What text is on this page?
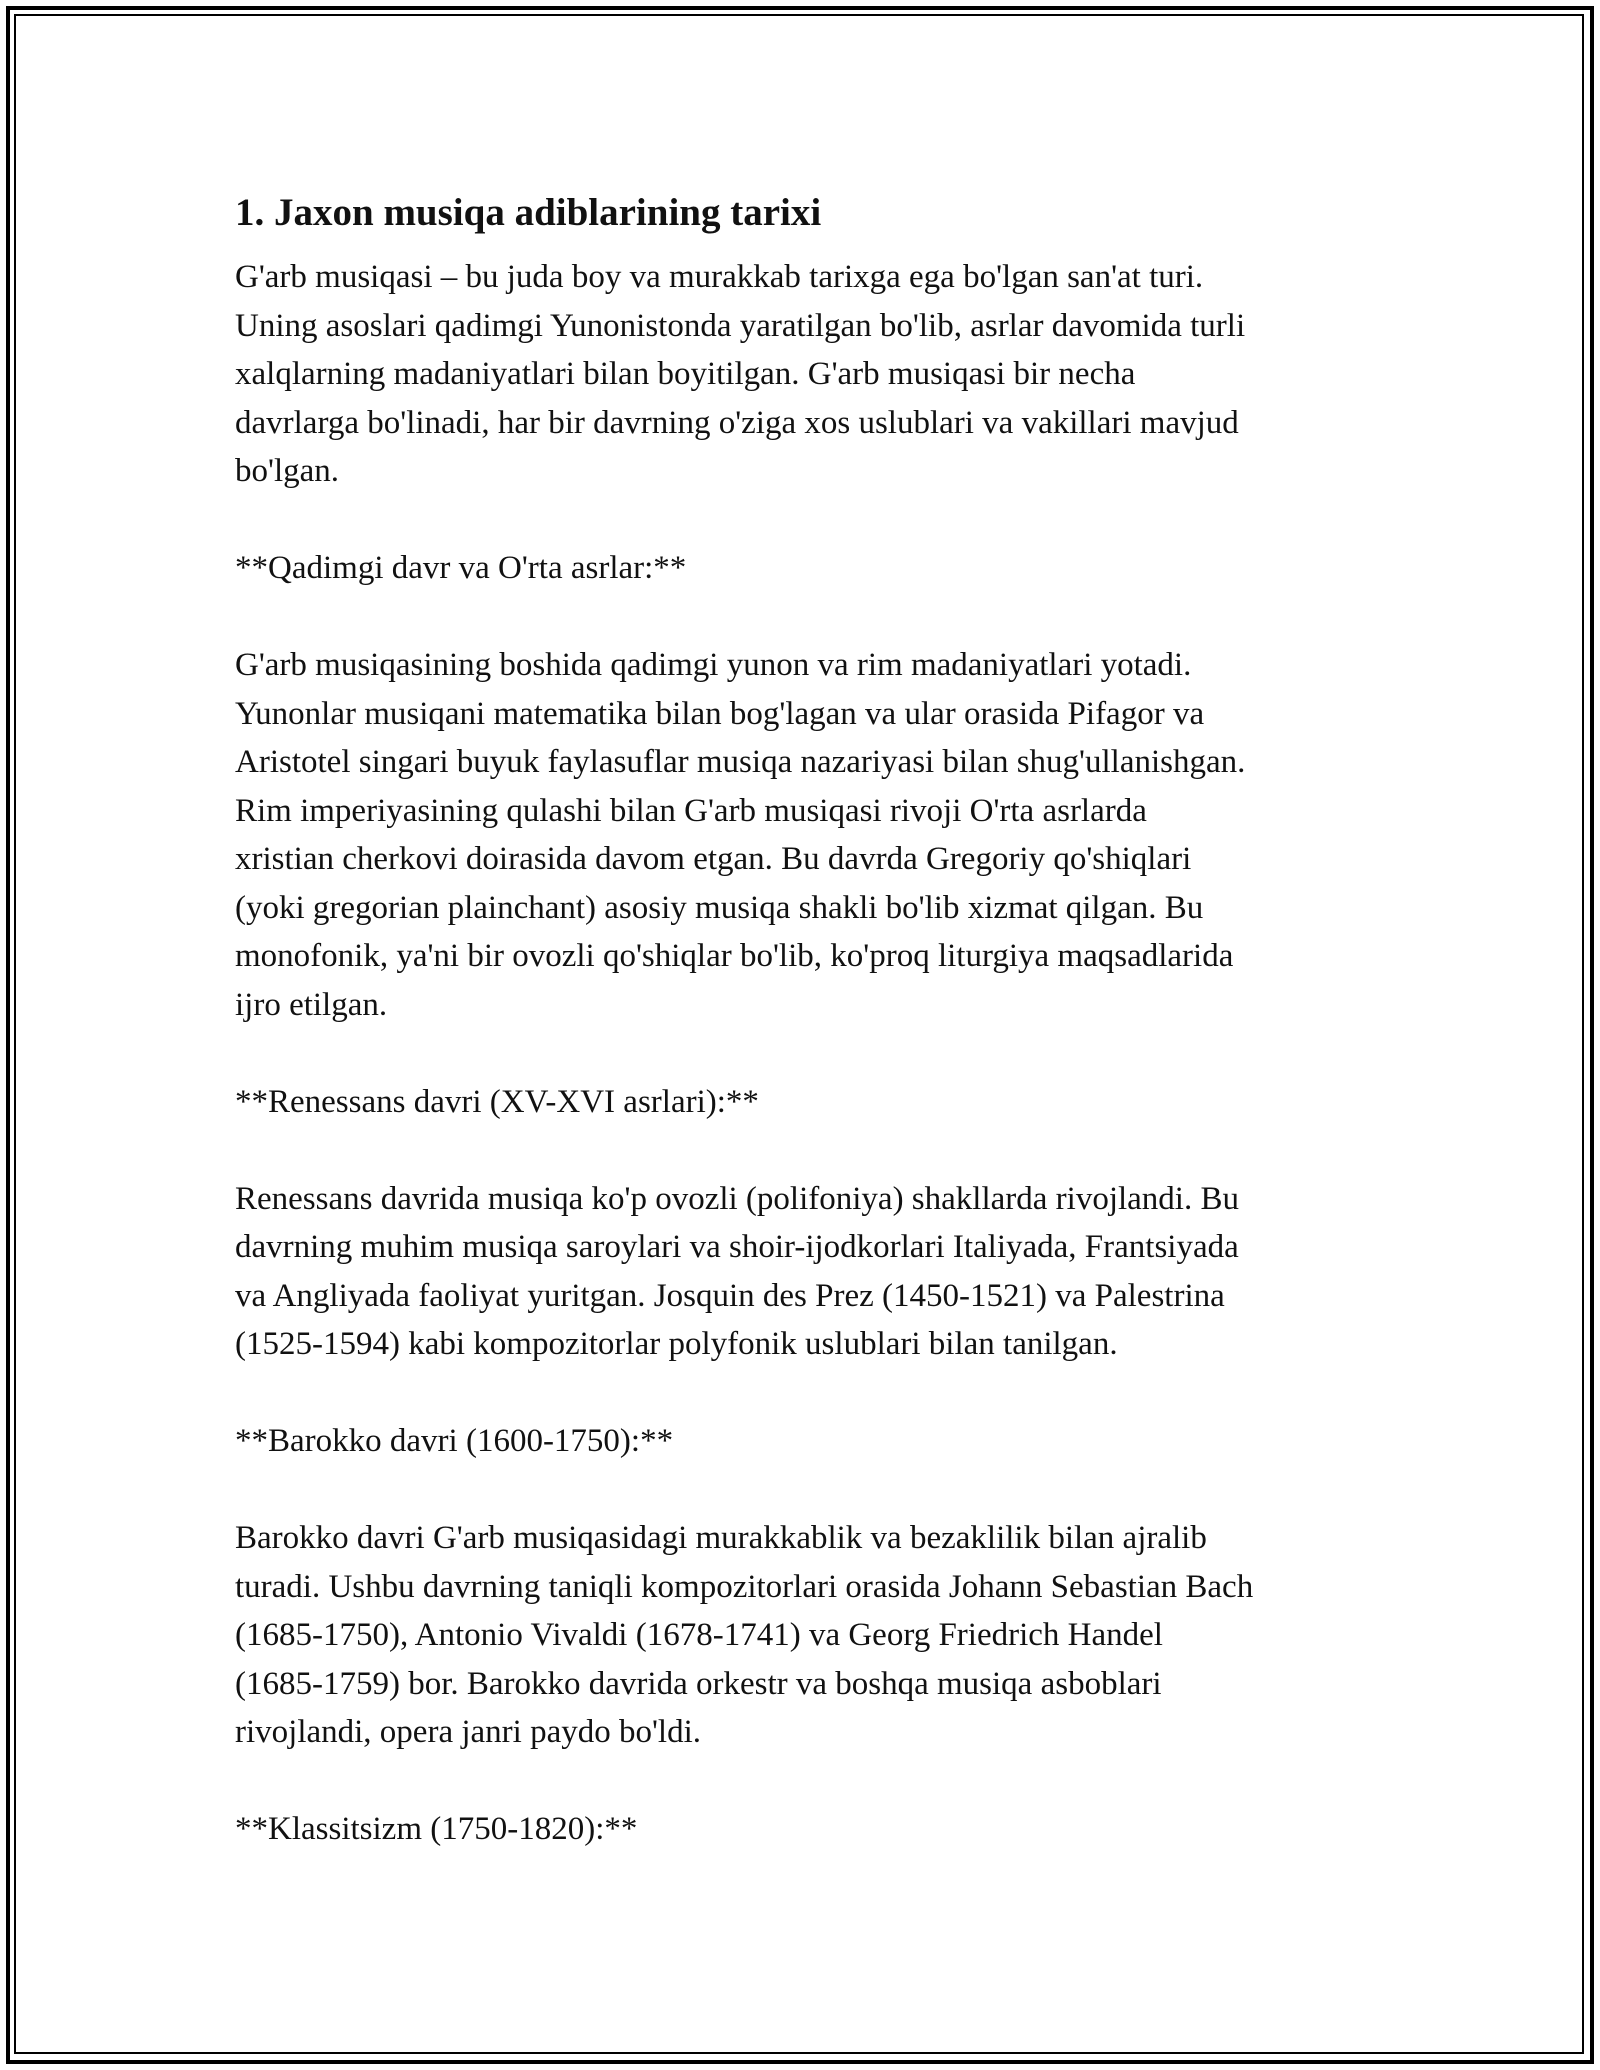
1. Jaxon musiqa adiblarining tarixi

G'arb musiqasi – bu juda boy va murakkab tarixga ega bo'lgan san'at turi.
Uning asoslari qadimgi Yunonistonda yaratilgan bo'lib, asrlar davomida turli
xalqlarning madaniyatlari bilan boyitilgan. G'arb musiqasi bir necha
davrlarga bo'linadi, har bir davrning o'ziga xos uslublari va vakillari mavjud
bo'lgan.

**Qadimgi davr va O'rta asrlar:**

G'arb musiqasining boshida qadimgi yunon va rim madaniyatlari yotadi.
Yunonlar musiqani matematika bilan bog'lagan va ular orasida Pifagor va
Aristotel singari buyuk faylasuflar musiqa nazariyasi bilan shug'ullanishgan.
Rim imperiyasining qulashi bilan G'arb musiqasi rivoji O'rta asrlarda
xristian cherkovi doirasida davom etgan. Bu davrda Gregoriy qo'shiqlari
(yoki gregorian plainchant) asosiy musiqa shakli bo'lib xizmat qilgan. Bu
monofonik, ya'ni bir ovozli qo'shiqlar bo'lib, ko'proq liturgiya maqsadlarida
ijro etilgan.

**Renessans davri (XV-XVI asrlari):**

Renessans davrida musiqa ko'p ovozli (polifoniya) shakllarda rivojlandi. Bu
davrning muhim musiqa saroylari va shoir-ijodkorlari Italiyada, Frantsiyada
va Angliyada faoliyat yuritgan. Josquin des Prez (1450-1521) va Palestrina
(1525-1594) kabi kompozitorlar polyfonik uslublari bilan tanilgan.

**Barokko davri (1600-1750):**

Barokko davri G'arb musiqasidagi murakkablik va bezaklilik bilan ajralib
turadi. Ushbu davrning taniqli kompozitorlari orasida Johann Sebastian Bach
(1685-1750), Antonio Vivaldi (1678-1741) va Georg Friedrich Handel
(1685-1759) bor. Barokko davrida orkestr va boshqa musiqa asboblari
rivojlandi, opera janri paydo bo'ldi.

**Klassitsizm (1750-1820):**
